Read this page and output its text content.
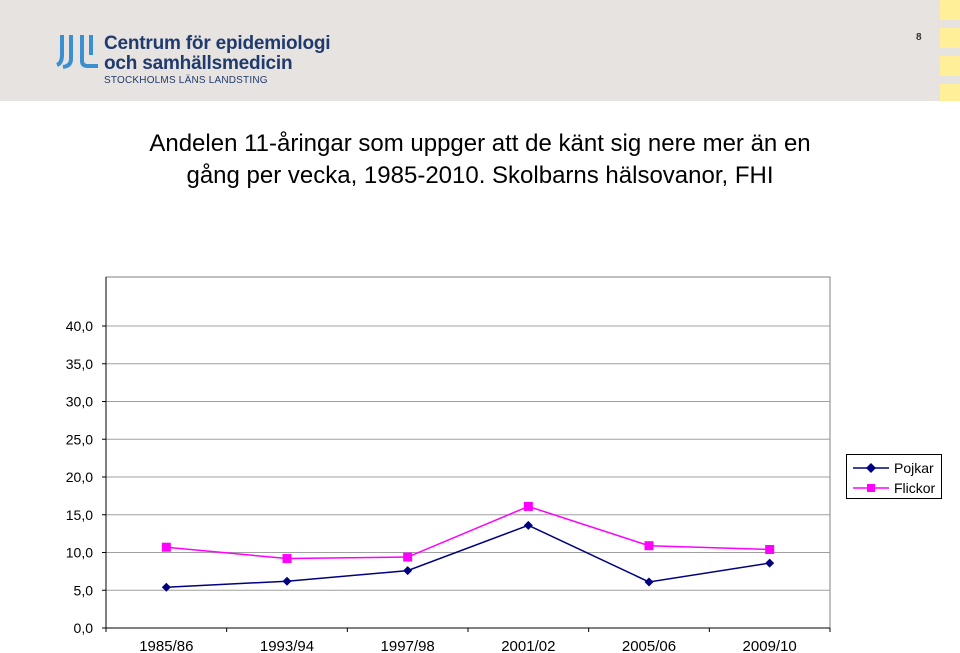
Centrum för epidemiologi
och samhällsmedicin
STOCKHOLMS LÄNS LANDSTING
8
Andelen 11-åringar som uppger att de känt sig nere mer än en
gång per vecka, 1985-2010. Skolbarns hälsovanor, FHI
0,0
5,0
10,0
15,0
20,0
25,0
30,0
35,0
40,0
1985/86	1993/94	1997/98	2001/02	2005/06	2009/10
Pojkar
Flickor
